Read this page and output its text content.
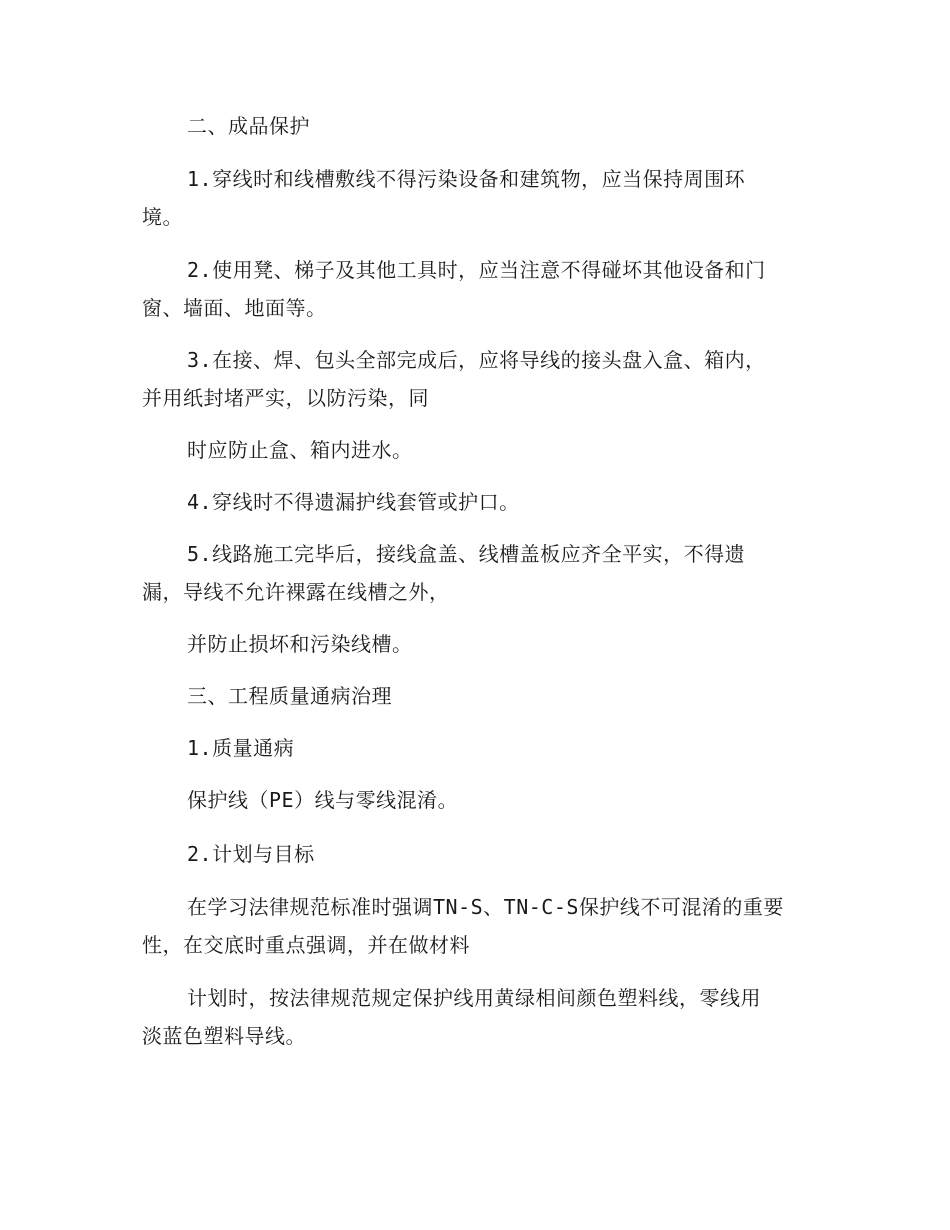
二、成品保护
1.穿线时和线槽敷线不得污染设备和建筑物，应当保持周围环
境。
2.使用凳、梯子及其他工具时，应当注意不得碰坏其他设备和门
窗、墙面、地面等。
3.在接、焊、包头全部完成后，应将导线的接头盘入盒、箱内，
并用纸封堵严实，以防污染，同
时应防止盒、箱内进水。
4.穿线时不得遗漏护线套管或护口。
5.线路施工完毕后，接线盒盖、线槽盖板应齐全平实，不得遗
漏，导线不允许裸露在线槽之外，
并防止损坏和污染线槽。
三、工程质量通病治理
1.质量通病
保护线（PE）线与零线混淆。
2.计划与目标
在学习法律规范标准时强调TN-S、TN-C-S保护线不可混淆的重要
性，在交底时重点强调，并在做材料
计划时，按法律规范规定保护线用黄绿相间颜色塑料线，零线用
淡蓝色塑料导线。
